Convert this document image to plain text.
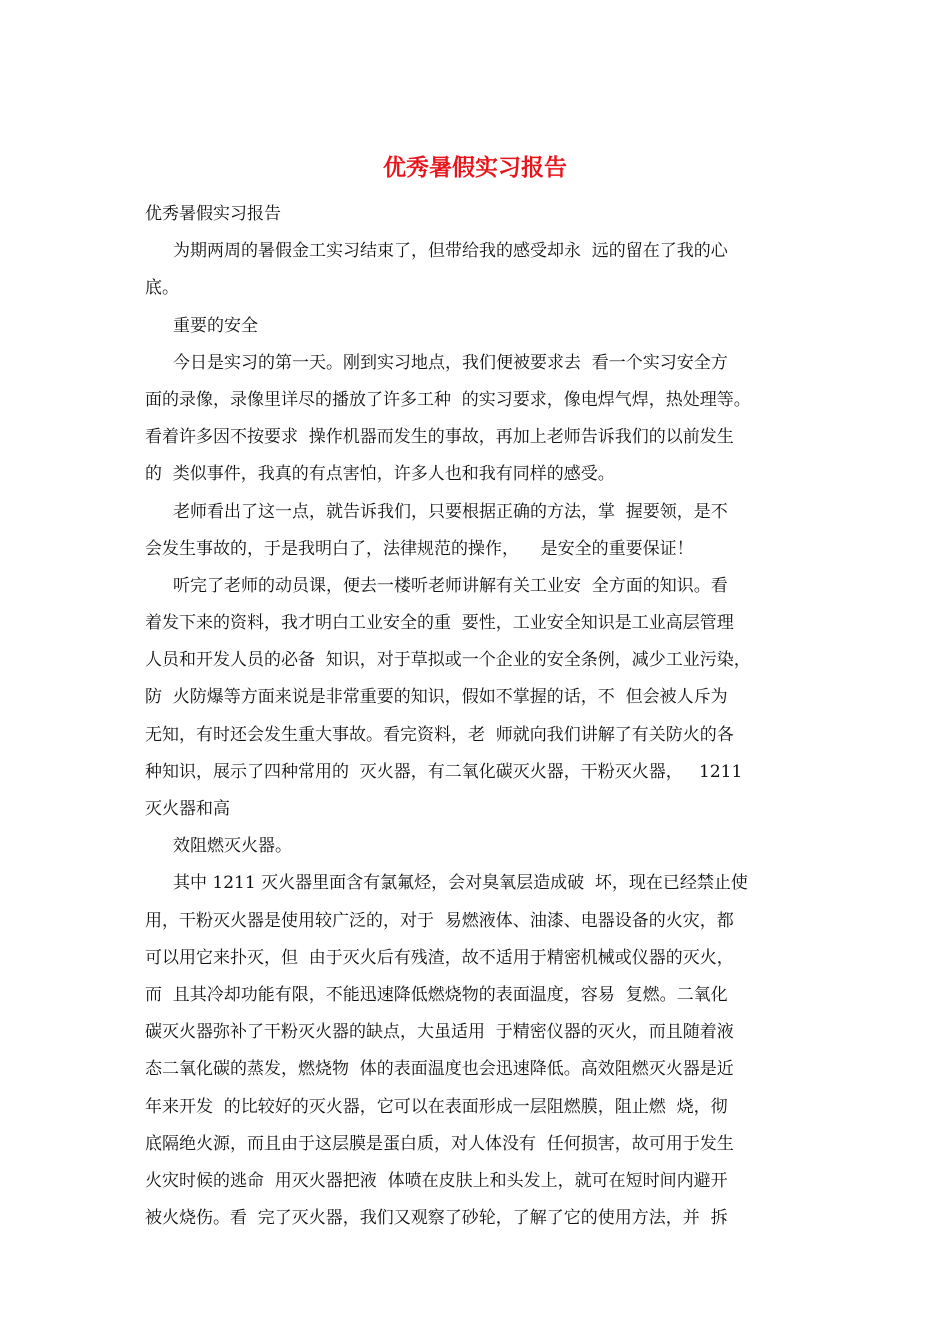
优秀暑假实习报告
优秀暑假实习报告
为期两周的暑假金工实习结束了，但带给我的感受却永  远的留在了我的心
底。
重要的安全
今日是实习的第一天。刚到实习地点，我们便被要求去  看一个实习安全方
面的录像，录像里详尽的播放了许多工种  的实习要求，像电焊气焊，热处理等。
看着许多因不按要求  操作机器而发生的事故，再加上老师告诉我们的以前发生
的  类似事件，我真的有点害怕，许多人也和我有同样的感受。
老师看出了这一点，就告诉我们，只要根据正确的方法，掌  握要领，是不
会发生事故的，于是我明白了，法律规范的操作，    是安全的重要保证！
听完了老师的动员课，便去一楼听老师讲解有关工业安  全方面的知识。看
着发下来的资料，我才明白工业安全的重  要性，工业安全知识是工业高层管理
人员和开发人员的必备  知识，对于草拟或一个企业的安全条例，减少工业污染，
防  火防爆等方面来说是非常重要的知识，假如不掌握的话，不  但会被人斥为
无知，有时还会发生重大事故。看完资料，老  师就向我们讲解了有关防火的各
种知识，展示了四种常用的  灭火器，有二氧化碳灭火器，干粉灭火器，   1211
灭火器和高
效阻燃灭火器。
其中 1211 灭火器里面含有氯氟烃，会对臭氧层造成破  坏，现在已经禁止使
用，干粉灭火器是使用较广泛的，对于  易燃液体、油漆、电器设备的火灾，都
可以用它来扑灭，但  由于灭火后有残渣，故不适用于精密机械或仪器的灭火，
而  且其冷却功能有限，不能迅速降低燃烧物的表面温度，容易  复燃。二氧化
碳灭火器弥补了干粉灭火器的缺点，大虽适用  于精密仪器的灭火，而且随着液
态二氧化碳的蒸发，燃烧物  体的表面温度也会迅速降低。高效阻燃灭火器是近
年来开发  的比较好的灭火器，它可以在表面形成一层阻燃膜，阻止燃  烧，彻
底隔绝火源，而且由于这层膜是蛋白质，对人体没有  任何损害，故可用于发生
火灾时候的逃命  用灭火器把液  体喷在皮肤上和头发上，就可在短时间内避开
被火烧伤。看  完了灭火器，我们又观察了砂轮，了解了它的使用方法，并  拆
